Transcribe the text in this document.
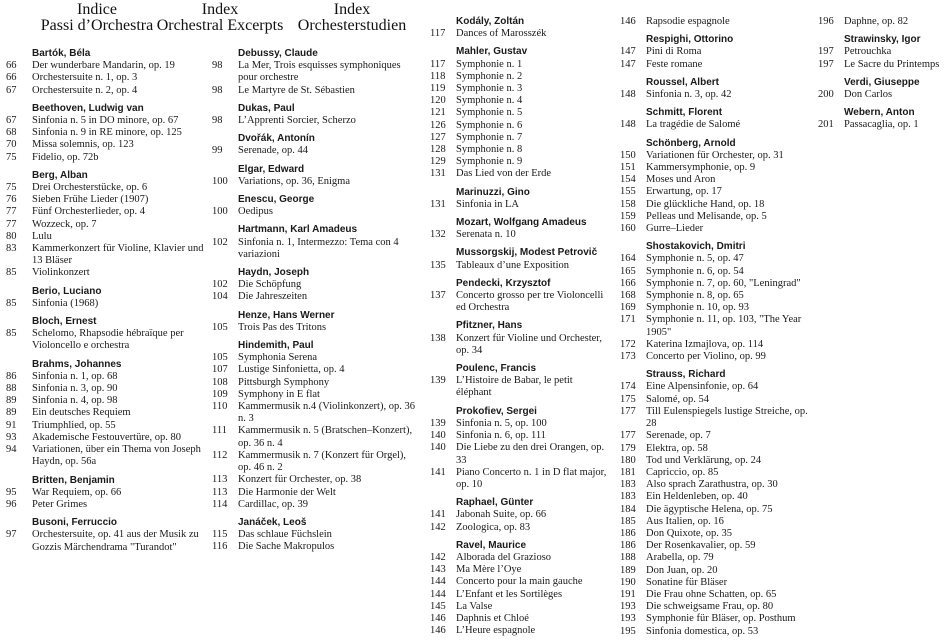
Indice
Passi d’Orchestra
Index
Orchestral Excerpts
Index
Orchesterstudien
Bartók, Béla
66	Der wunderbare Mandarin, op. 19
66	Orchestersuite n. 1, op. 3
67	Orchestersuite n. 2, op. 4
Beethoven, Ludwig van
67	Sinfonia n. 5 in DO minore, op. 67
68	Sinfonia n. 9 in RE minore, op. 125
70	Missa solemnis, op. 123
75	Fidelio, op. 72b
Berg, Alban
75	Drei Orchesterstücke, op. 6
76	Sieben Frühe Lieder (1907)
77	Fünf Orchesterlieder, op. 4
77	Wozzeck, op. 7
80	Lulu
83	Kammerkonzert für Violine, Klavier und 13 Bläser
85	Violinkonzert
Berio, Luciano
85	Sinfonia (1968)
Bloch, Ernest
85	Schelomo, Rhapsodie hébraïque per Violoncello e orchestra
Brahms, Johannes
86	Sinfonia n. 1, op. 68
88	Sinfonia n. 3, op. 90
89	Sinfonia n. 4, op. 98
89	Ein deutsches Requiem
91	Triumphlied, op. 55
93	Akademische Festouvertüre, op. 80
94	Variationen, über ein Thema von Joseph Haydn, op. 56a
Britten, Benjamin
95	War Requiem, op. 66
96	Peter Grimes
Busoni, Ferruccio
97	Orchestersuite, op. 41 aus der Musik zu Gozzis Märchendrama "Turandot"
Debussy, Claude
98	La Mer, Trois esquisses symphoniques pour orchestre
98	Le Martyre de St. Sébastien
Dukas, Paul
98	L’Apprenti Sorcier, Scherzo
Dvořák, Antonín
99	Serenade, op. 44
Elgar, Edward
100 Variations, op. 36, Enigma
Enescu, George
100 Oedipus
Hartmann, Karl Amadeus
102 Sinfonia n. 1, Intermezzo: Tema con 4 variazioni
Haydn, Joseph
102 Die Schöpfung
104 Die Jahreszeiten
Henze, Hans Werner
105 Trois Pas des Tritons
Hindemith, Paul
105 Symphonia Serena
107 Lustige Sinfonietta, op. 4
108 Pittsburgh Symphony
109 Symphony in E flat
110	Kammermusik n.4 (Violinkonzert), op. 36 n. 3
111	Kammermusik n. 5 (Bratschen–Konzert), op. 36 n. 4
112	Kammermusik n. 7 (Konzert für Orgel), op. 46 n. 2
113	Konzert für Orchester, op. 38
113	Die Harmonie der Welt
114	Cardillac, op. 39
Janáček, Leoš
115	Das schlaue Füchslein
116	Die Sache Makropulos
Kodály, Zoltán
117	Dances of Marosszék
Mahler, Gustav
117	Symphonie n. 1
118	Symphonie n. 2
119	Symphonie n. 3
120 Symphonie n. 4
121 Symphonie n. 5
126 Symphonie n. 6
127 Symphonie n. 7
128 Symphonie n. 8
129 Symphonie n. 9
131 Das Lied von der Erde
Marinuzzi, Gino
131 Sinfonia in LA
Mozart, Wolfgang Amadeus
132 Serenata n. 10
Mussorgskij, Modest Petrovič
135 Tableaux d’une Exposition
Pendecki, Krzysztof
137 Concerto grosso per tre Violoncelli ed Orchestra
Pfitzner, Hans
138 Konzert für Violine und Orchester, op. 34
Poulenc, Francis
139 L’Histoire de Babar, le petit éléphant
Prokofiev, Sergei
139 Sinfonia n. 5, op. 100
140 Sinfonia n. 6, op. 111
140 Die Liebe zu den drei Orangen, op. 33
141 Piano Concerto n. 1 in D flat major, op. 10
Raphael, Günter
141 Jabonah Suite, op. 66
142 Zoologica, op. 83
Ravel, Maurice
142 Alborada del Grazioso
143 Ma Mère l’Oye
144 Concerto pour la main gauche
144 L’Enfant et les Sortilèges
145 La Valse
146 Daphnis et Chloé
146 L’Heure espagnole
146 Rapsodie espagnole
Respighi, Ottorino
147 Pini di Roma
147 Feste romane
Roussel, Albert
148 Sinfonia n. 3, op. 42
Schmitt, Florent
148 La tragédie de Salomé
Schönberg, Arnold
150 Variationen für Orchester, op. 31
151 Kammersymphonie, op. 9
154 Moses und Aron
155 Erwartung, op. 17
158 Die glückliche Hand, op. 18
159 Pelleas und Melisande, op. 5
160 Gurre–Lieder
Shostakovich, Dmitri
164 Symphonie n. 5, op. 47
165 Symphonie n. 6, op. 54
166 Symphonie n. 7, op. 60, "Leningrad"
168 Symphonie n. 8, op. 65
169 Symphonie n. 10, op. 93
171 Symphonie n. 11, op. 103, "The Year 1905"
172 Katerina Izmajlova, op. 114
173 Concerto per Violino, op. 99
Strauss, Richard
174 Eine Alpensinfonie, op. 64
175 Salomé, op. 54
177 Till Eulenspiegels lustige Streiche, op. 28
177 Serenade, op. 7
179 Elektra, op. 58
180 Tod und Verklärung, op. 24
181 Capriccio, op. 85
183 Also sprach Zarathustra, op. 30
183 Ein Heldenleben, op. 40
184 Die ägyptische Helena, op. 75
185 Aus Italien, op. 16
186 Don Quixote, op. 35
186 Der Rosenkavalier, op. 59
188 Arabella, op. 79
189 Don Juan, op. 20
190 Sonatine für Bläser
191 Die Frau ohne Schatten, op. 65
193 Die schweigsame Frau, op. 80
193 Symphonie für Bläser, op. Posthum
195 Sinfonia domestica, op. 53
196 Daphne, op. 82
Strawinsky, Igor
197 Petrouchka
197 Le Sacre du Printemps
Verdi, Giuseppe
200 Don Carlos
Webern, Anton
201 Passacaglia, op. 1
